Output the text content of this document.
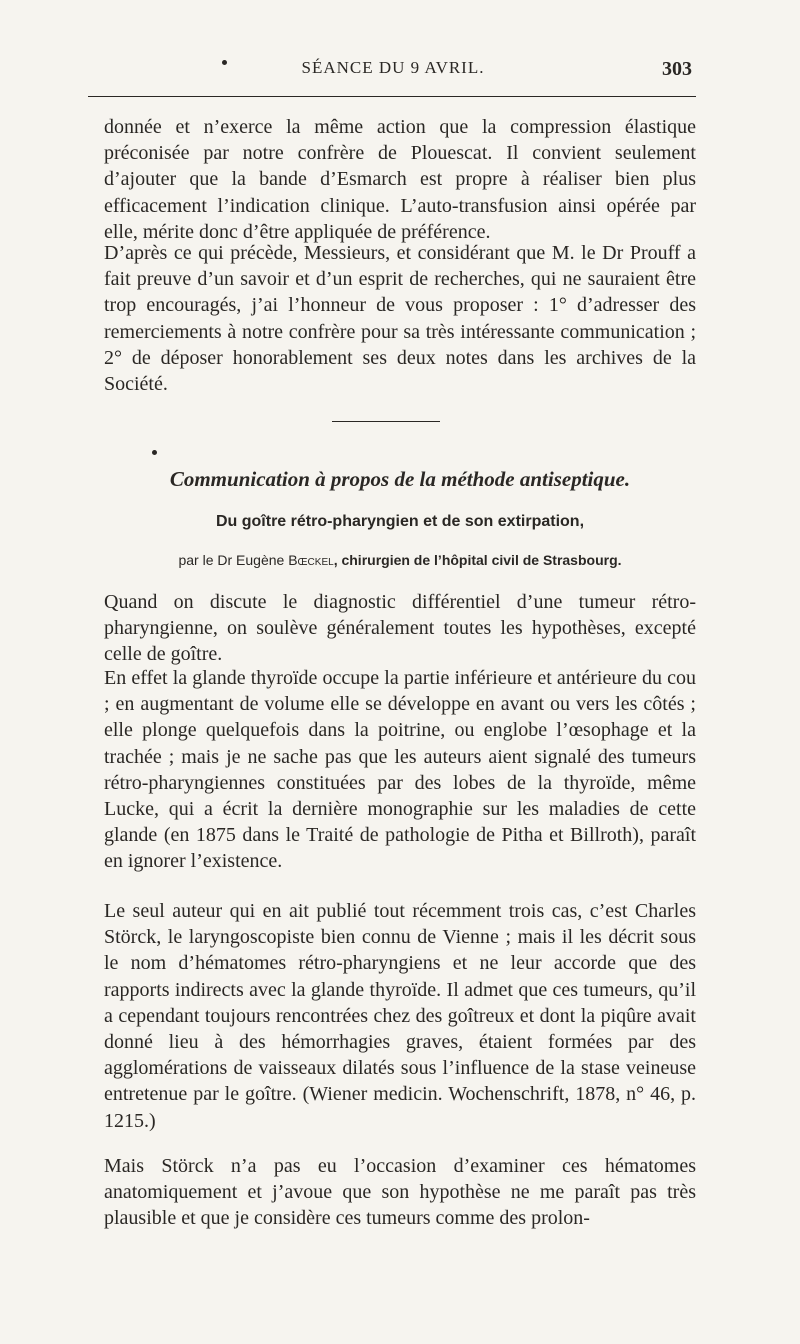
SÉANCE DU 9 AVRIL.	303

donnée et n’exerce la même action que la compression élastique préconisée par notre confrère de Plouescat. Il convient seulement d’ajouter que la bande d’Esmarch est propre à réaliser bien plus efficacement l’indication clinique. L’auto-transfusion ainsi opérée par elle, mérite donc d’être appliquée de préférence.

D’après ce qui précède, Messieurs, et considérant que M. le Dr Prouff a fait preuve d’un savoir et d’un esprit de recherches, qui ne sauraient être trop encouragés, j’ai l’honneur de vous proposer : 1° d’adresser des remerciements à notre confrère pour sa très intéressante communication ; 2° de déposer honorablement ses deux notes dans les archives de la Société.

Communication à propos de la méthode antiseptique.
Du goître rétro-pharyngien et de son extirpation,

par le Dr Eugène Bœckel, chirurgien de l’hôpital civil de Strasbourg.

Quand on discute le diagnostic différentiel d’une tumeur rétro-pharyngienne, on soulève généralement toutes les hypothèses, excepté celle de goître.

En effet la glande thyroïde occupe la partie inférieure et antérieure du cou ; en augmentant de volume elle se développe en avant ou vers les côtés ; elle plonge quelquefois dans la poitrine, ou englobe l’œsophage et la trachée ; mais je ne sache pas que les auteurs aient signalé des tumeurs rétro-pharyngiennes constituées par des lobes de la thyroïde, même Lucke, qui a écrit la dernière monographie sur les maladies de cette glande (en 1875 dans le Traité de pathologie de Pitha et Billroth), paraît en ignorer l’existence.

Le seul auteur qui en ait publié tout récemment trois cas, c’est Charles Störck, le laryngoscopiste bien connu de Vienne ; mais il les décrit sous le nom d’hématomes rétro-pharyngiens et ne leur accorde que des rapports indirects avec la glande thyroïde. Il admet que ces tumeurs, qu’il a cependant toujours rencontrées chez des goîtreux et dont la piqûre avait donné lieu à des hémorrhagies graves, étaient formées par des agglomérations de vaisseaux dilatés sous l’influence de la stase veineuse entretenue par le goître. (Wiener medicin. Wochenschrift, 1878, n° 46, p. 1215.)

Mais Störck n’a pas eu l’occasion d’examiner ces hématomes anatomiquement et j’avoue que son hypothèse ne me paraît pas très plausible et que je considère ces tumeurs comme des prolon-
